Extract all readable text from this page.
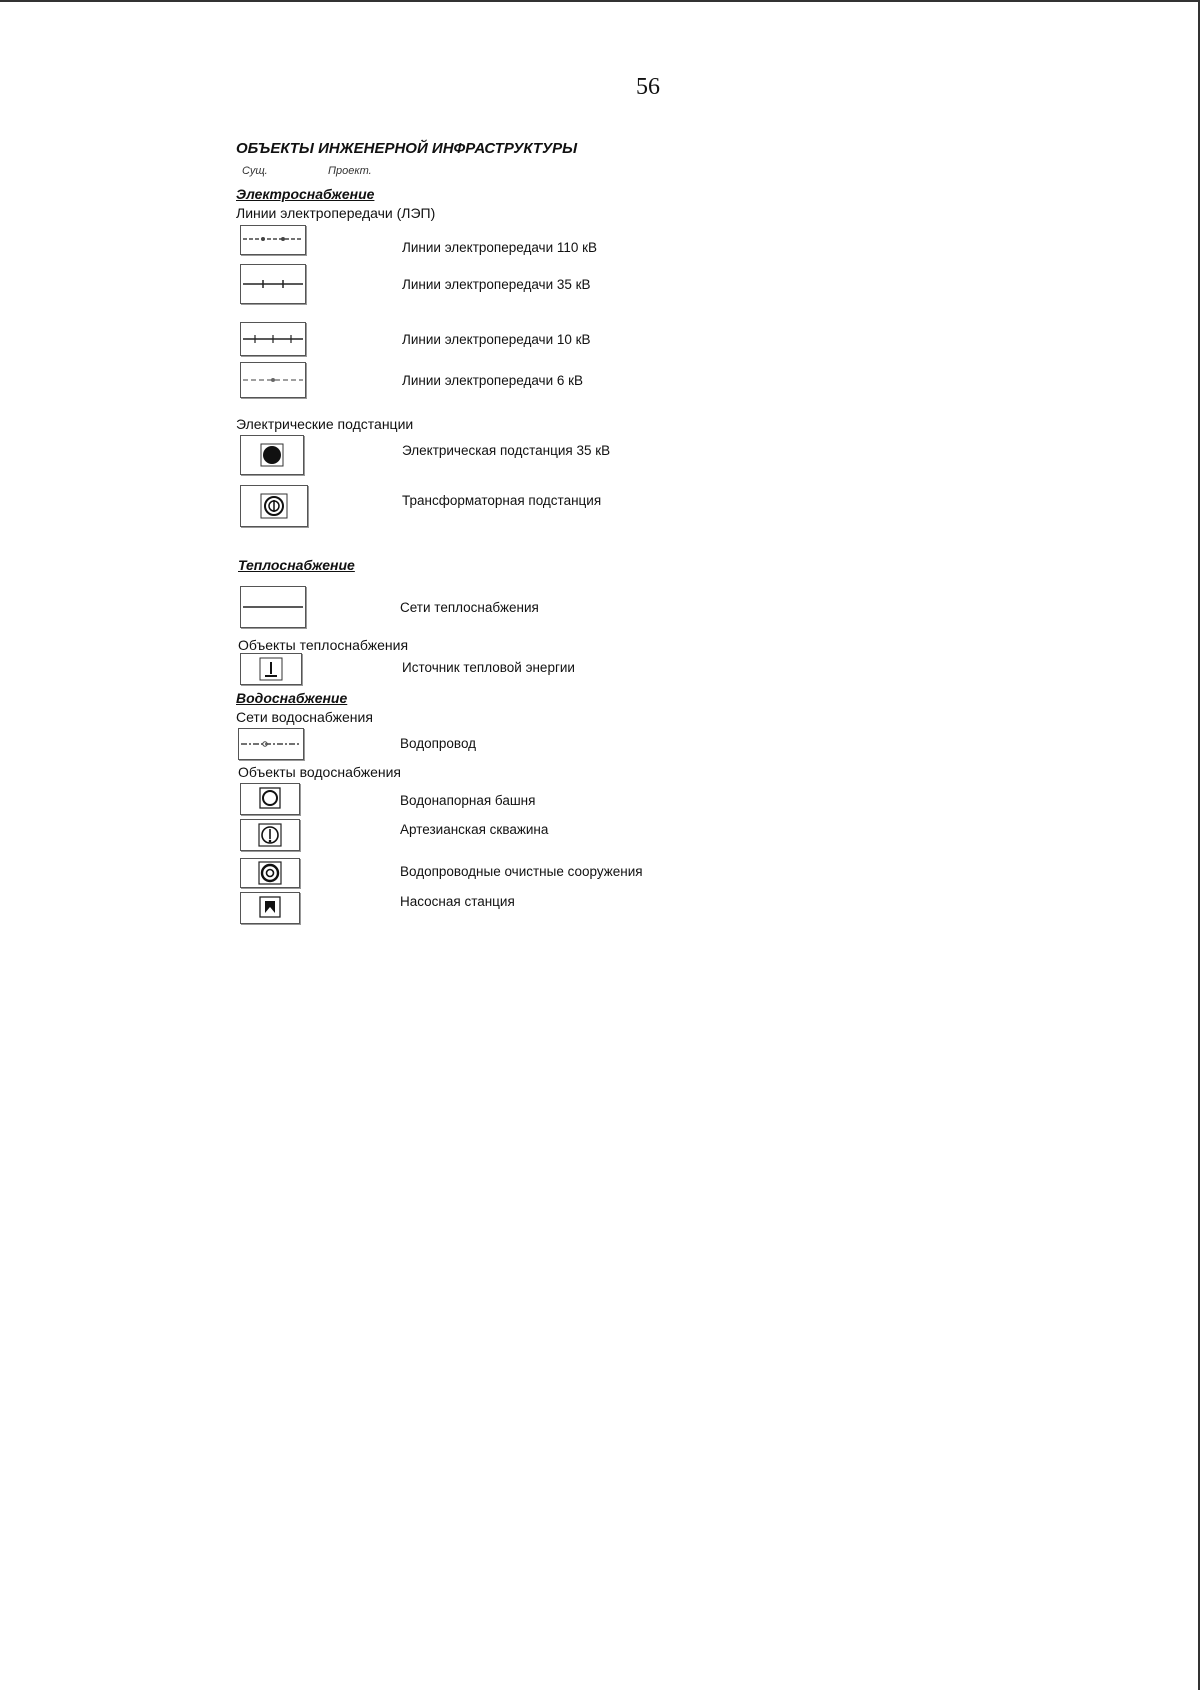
56
ОБЪЕКТЫ ИНЖЕНЕРНОЙ ИНФРАСТРУКТУРЫ
Сущ.	Проект.
Электроснабжение
Линии электропередачи (ЛЭП)
Линии электропередачи 110 кВ
Линии электропередачи 35 кВ
Линии электропередачи 10 кВ
Линии электропередачи 6 кВ
Электрические подстанции
Электрическая подстанция 35 кВ
Трансформаторная подстанция
Теплоснабжение
Сети теплоснабжения
Объекты теплоснабжения
Источник тепловой энергии
Водоснабжение
Сети водоснабжения
Водопровод
Объекты водоснабжения
Водонапорная башня
Артезианская скважина
Водопроводные очистные сооружения
Насосная станция
